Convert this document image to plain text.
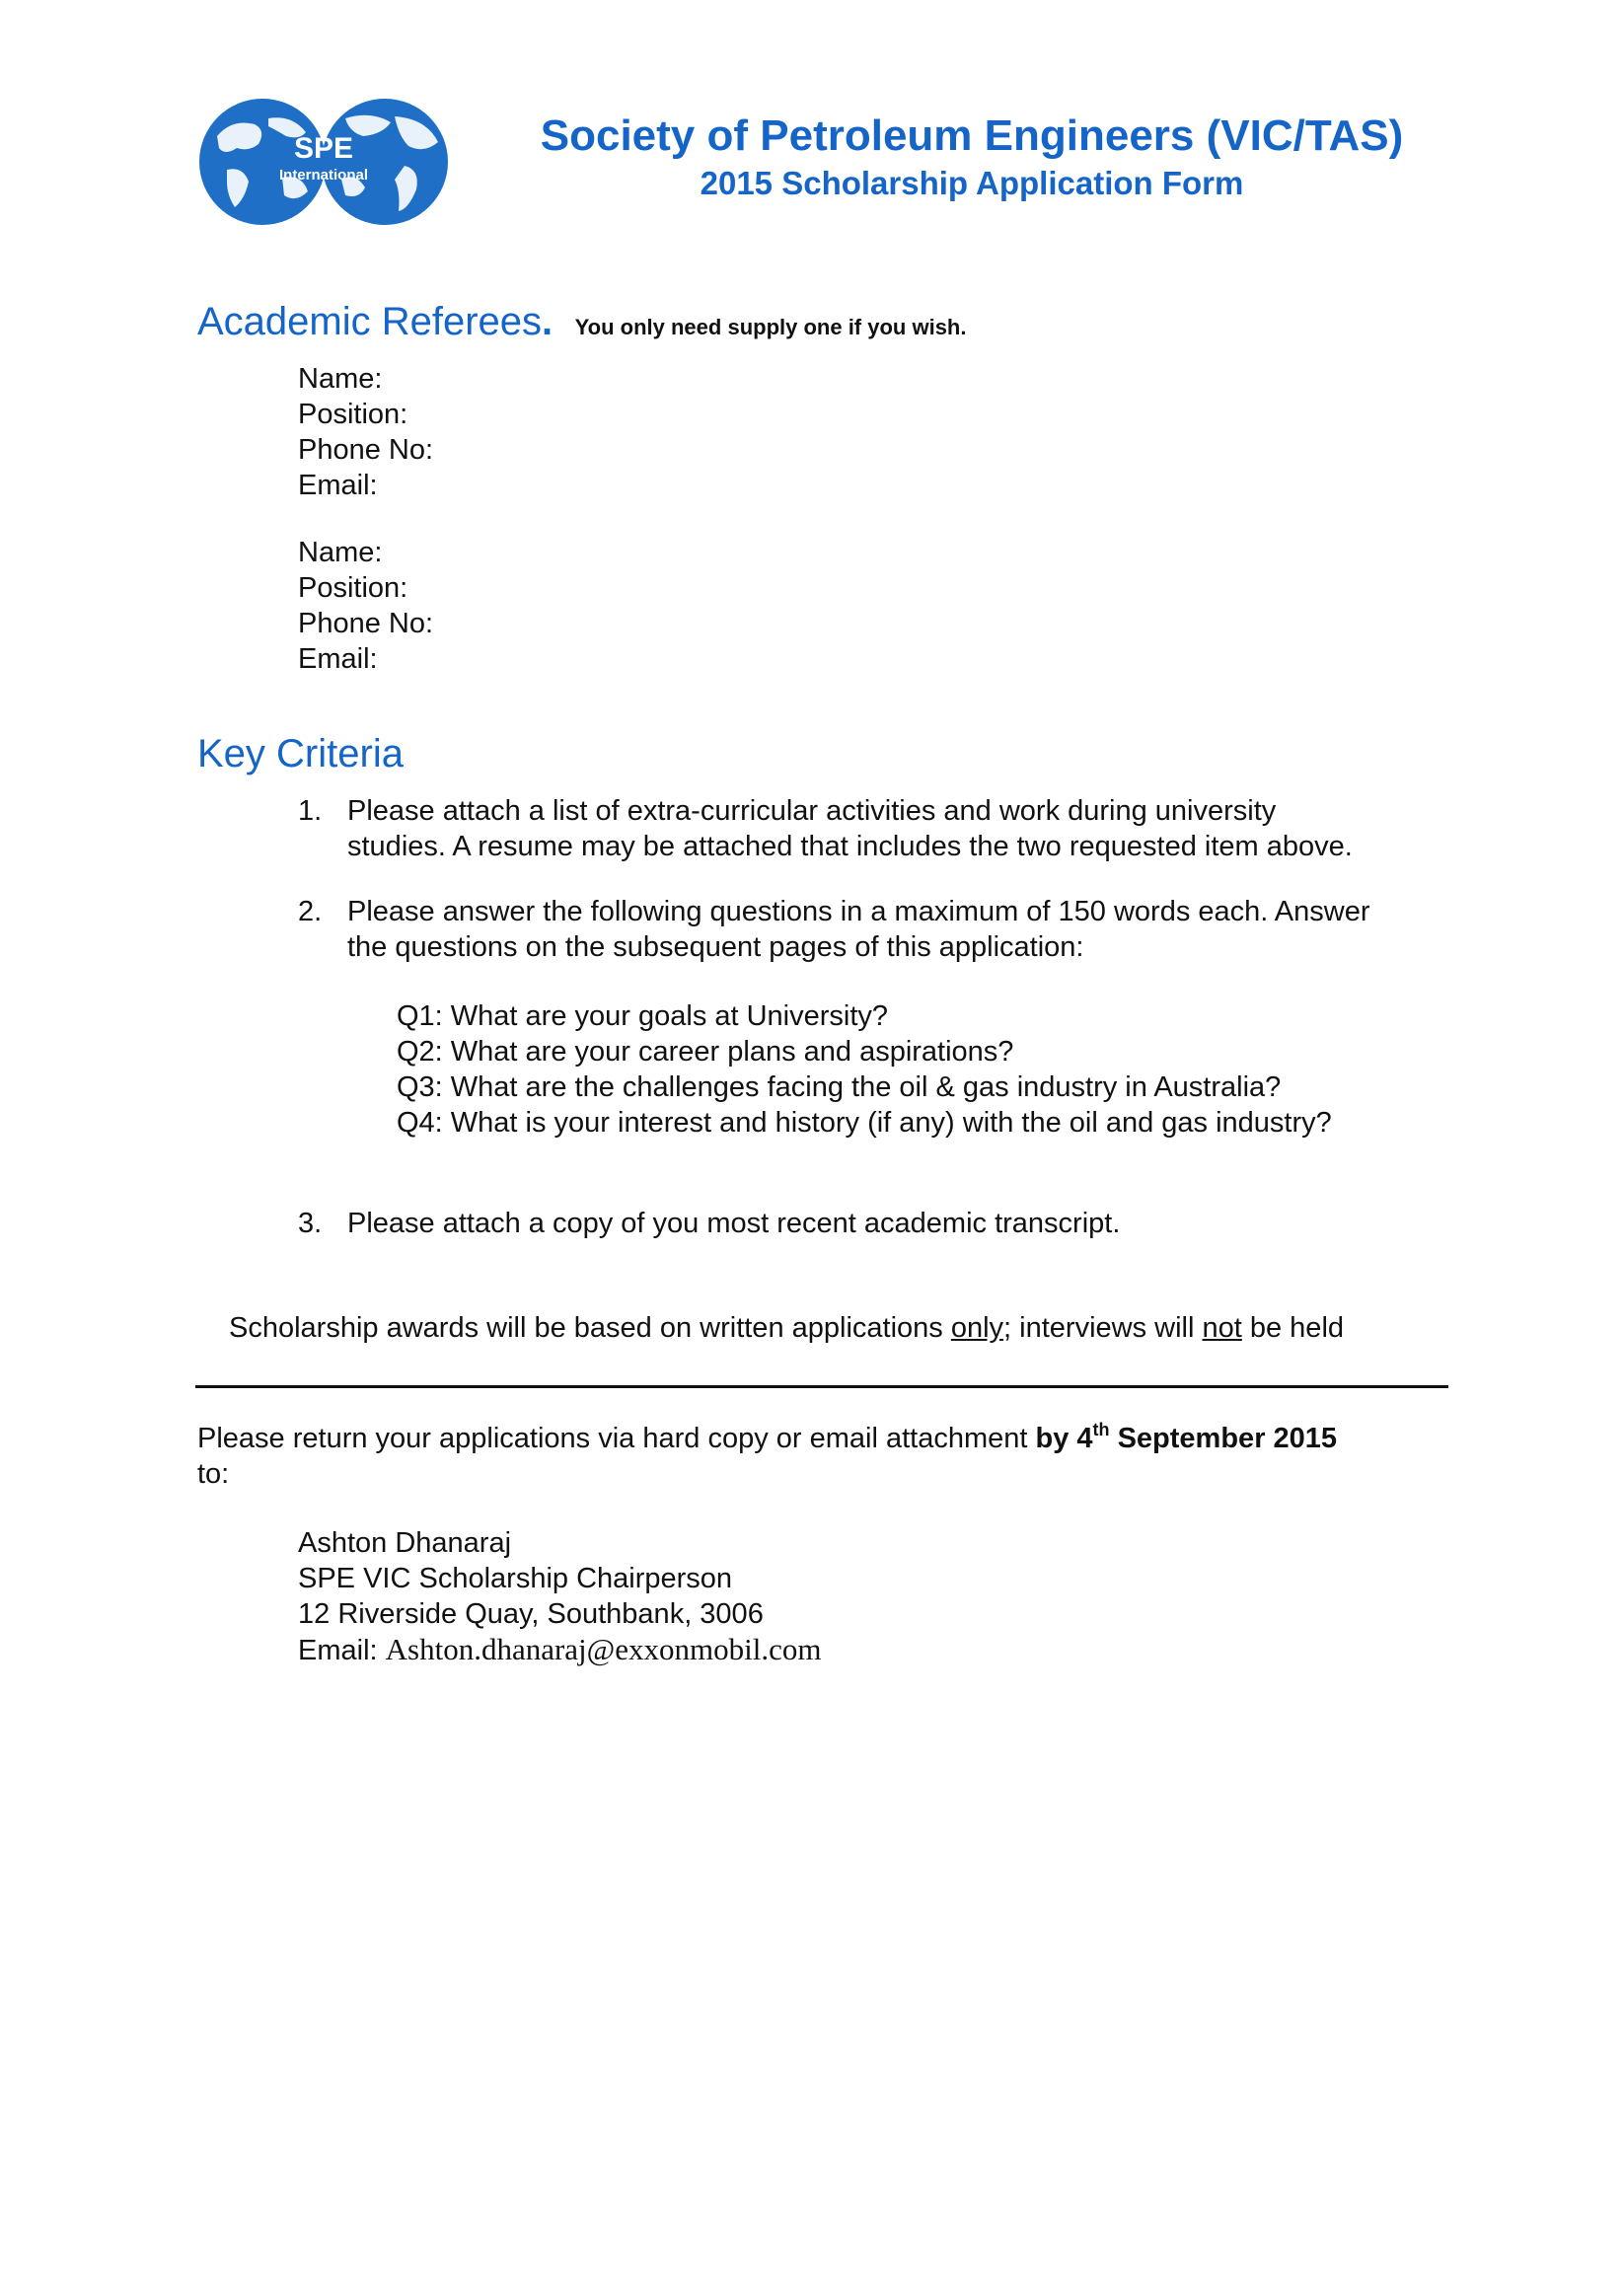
SPE
International
Society of Petroleum Engineers (VIC/TAS)
2015 Scholarship Application Form
Academic Referees. You only need supply one if you wish.
Name:
Position:
Phone No:
Email:
Name:
Position:
Phone No:
Email:
Key Criteria
1. Please attach a list of extra-curricular activities and work during university
studies. A resume may be attached that includes the two requested item above.
2. Please answer the following questions in a maximum of 150 words each. Answer
the questions on the subsequent pages of this application:
Q1: What are your goals at University?
Q2: What are your career plans and aspirations?
Q3: What are the challenges facing the oil & gas industry in Australia?
Q4: What is your interest and history (if any) with the oil and gas industry?
3. Please attach a copy of you most recent academic transcript.
Scholarship awards will be based on written applications only; interviews will not be held
Please return your applications via hard copy or email attachment by 4th September 2015
to:
Ashton Dhanaraj
SPE VIC Scholarship Chairperson
12 Riverside Quay, Southbank, 3006
Email: Ashton.dhanaraj@exxonmobil.com
